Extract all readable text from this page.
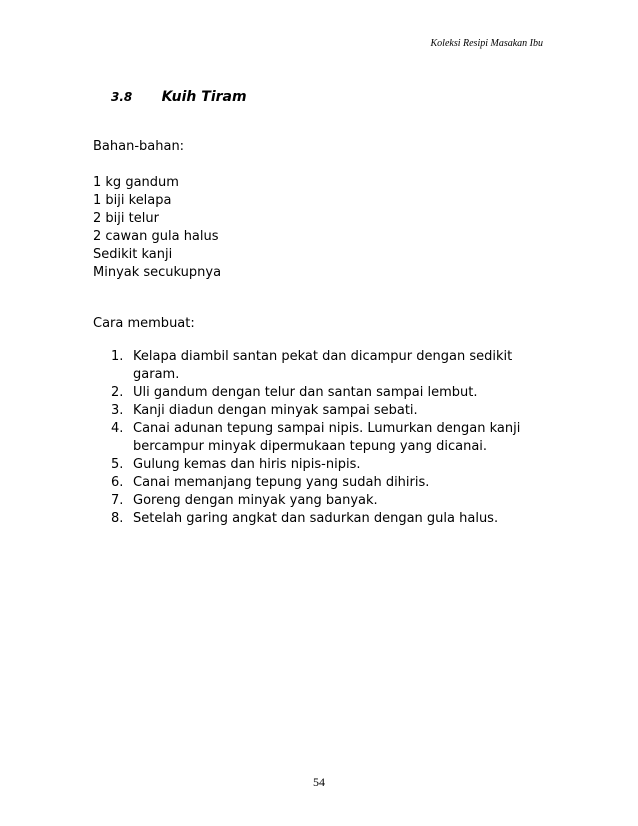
Koleksi Resipi Masakan Ibu
3.8 Kuih Tiram
Bahan-bahan:
1 kg gandum
1 biji kelapa
2 biji telur
2 cawan gula halus
Sedikit kanji
Minyak secukupnya
Cara membuat:
1. Kelapa diambil santan pekat dan dicampur dengan sedikit garam.
2. Uli gandum dengan telur dan santan sampai lembut.
3. Kanji diadun dengan minyak sampai sebati.
4. Canai adunan tepung sampai nipis. Lumurkan dengan kanji bercampur minyak dipermukaan tepung yang dicanai.
5. Gulung kemas dan hiris nipis-nipis.
6. Canai memanjang tepung yang sudah dihiris.
7. Goreng dengan minyak yang banyak.
8. Setelah garing angkat dan sadurkan dengan gula halus.
54
